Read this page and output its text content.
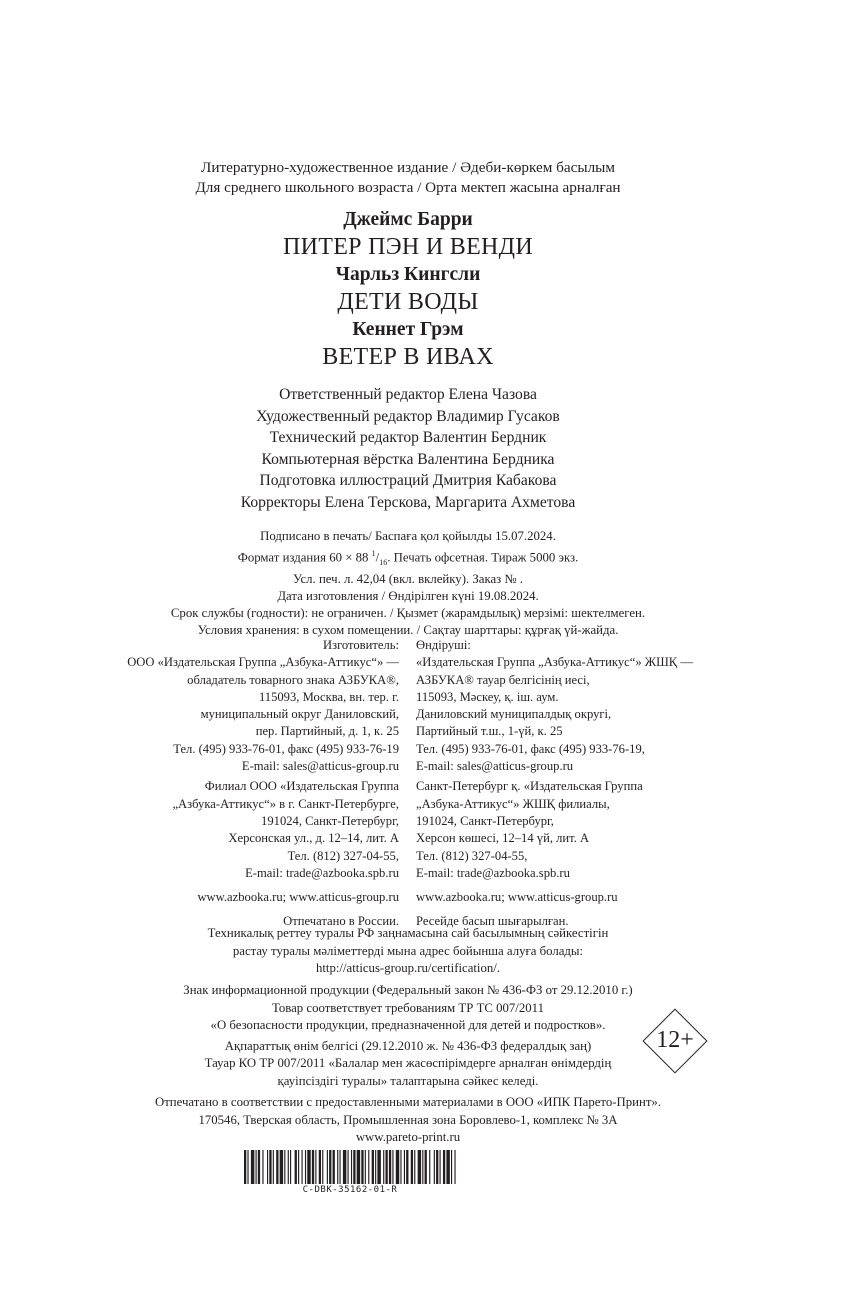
Литературно-художественное издание / Әдеби-көркем басылым
Для среднего школьного возраста / Орта мектеп жасына арналған
Джеймс Барри
ПИТЕР ПЭН И ВЕНДИ
Чарльз Кингсли
ДЕТИ ВОДЫ
Кеннет Грэм
ВЕТЕР В ИВАХ
Ответственный редактор Елена Чазова
Художественный редактор Владимир Гусаков
Технический редактор Валентин Бердник
Компьютерная вёрстка Валентина Бердника
Подготовка иллюстраций Дмитрия Кабакова
Корректоры Елена Терскова, Маргарита Ахметова
Подписано в печать/ Баспаға қол қойылды 15.07.2024.
Формат издания 60 × 88 $^1/_{16}$. Печать офсетная. Тираж 5000 экз.
Усл. печ. л. 42,04 (вкл. вклейку). Заказ № .
Дата изготовления / Өндірілген күні 19.08.2024.
Срок службы (годности): не ограничен. / Қызмет (жарамдылық) мерзімі: шектелмеген.
Условия хранения: в сухом помещении. / Сақтау шарттары: құрғақ үй-жайда.
Изготовитель:
ООО «Издательская Группа „Азбука-Аттикус“» —
обладатель товарного знака АЗБУКА®,
115093, Москва, вн. тер. г.
муниципальный округ Даниловский,
пер. Партийный, д. 1, к. 25
Тел. (495) 933-76-01, факс (495) 933-76-19
E-mail: sales@atticus-group.ru
Филиал ООО «Издательская Группа
„Азбука-Аттикус“» в г. Санкт-Петербурге,
191024, Санкт-Петербург,
Херсонская ул., д. 12–14, лит. А
Тел. (812) 327-04-55,
E-mail: trade@azbooka.spb.ru
www.azbooka.ru; www.atticus-group.ru
Отпечатано в России.
Өндіруші:
«Издательская Группа „Азбука-Аттикус“» ЖШҚ —
АЗБУКА® тауар белгісінің иесі,
115093, Мәскеу, қ. іш. аум.
Даниловский муниципалдық округі,
Партийный т.ш., 1-үй, к. 25
Тел. (495) 933-76-01, факс (495) 933-76-19,
E-mail: sales@atticus-group.ru
Санкт-Петербург қ. «Издательская Группа
„Азбука-Аттикус“» ЖШҚ филиалы,
191024, Санкт-Петербург,
Херсон көшесі, 12–14 үй, лит. А
Тел. (812) 327-04-55,
E-mail: trade@azbooka.spb.ru
www.azbooka.ru; www.atticus-group.ru
Ресейде басып шығарылған.
Техникалық реттеу туралы РФ заңнамасына сай басылымның сәйкестігін
растау туралы мәліметтерді мына адрес бойынша алуға болады:
http://atticus-group.ru/certification/.
Знак информационной продукции (Федеральный закон № 436-ФЗ от 29.12.2010 г.)
Товар соответствует требованиям ТР ТС 007/2011
«О безопасности продукции, предназначенной для детей и подростков».
Ақпараттық өнім белгісі (29.12.2010 ж. № 436-ФЗ федералдық заң)
Тауар КО ТР 007/2011 «Балалар мен жасөспірімдерге арналған өнімдердің
қауіпсіздігі туралы» талаптарына сәйкес келеді.
12+
Отпечатано в соответствии с предоставленными материалами в ООО «ИПК Парето-Принт».
170546, Тверская область, Промышленная зона Боровлево-1, комплекс № 3А
www.pareto-print.ru
C-DBK-35162-01-R
